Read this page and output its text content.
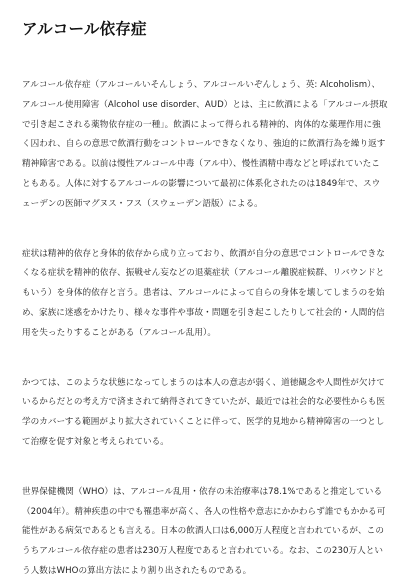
アルコール依存症

アルコール依存症（アルコールいそんしょう、アルコールいぞんしょう、英: Alcoholism）、アルコール使用障害（Alcohol use disorder、AUD）とは、主に飲酒による「アルコール摂取で引き起こされる薬物依存症の一種」。飲酒によって得られる精神的、肉体的な薬理作用に強く囚われ、自らの意思で飲酒行動をコントロールできなくなり、強迫的に飲酒行為を繰り返す精神障害である。以前は慢性アルコール中毒（アル中）、慢性酒精中毒などと呼ばれていたこともある。人体に対するアルコールの影響について最初に体系化されたのは1849年で、スウェーデンの医師マグヌス・フス（スウェーデン語版）による。

症状は精神的依存と身体的依存から成り立っており、飲酒が自分の意思でコントロールできなくなる症状を精神的依存、振戦せん妄などの退薬症状（アルコール離脱症候群、リバウンドともいう）を身体的依存と言う。患者は、アルコールによって自らの身体を壊してしまうのを始め、家族に迷惑をかけたり、様々な事件や事故・問題を引き起こしたりして社会的・人間的信用を失ったりすることがある（アルコール乱用）。

かつては、このような状態になってしまうのは本人の意志が弱く、道徳観念や人間性が欠けているからだとの考え方で済まされて納得されてきていたが、最近では社会的な必要性からも医学のカバーする範囲がより拡大されていくことに伴って、医学的見地から精神障害の一つとして治療を促す対象と考えられている。

世界保健機関（WHO）は、アルコール乱用・依存の未治療率は78.1%であると推定している（2004年）。精神疾患の中でも罹患率が高く、各人の性格や意志にかかわらず誰でもかかる可能性がある病気であるとも言える。日本の飲酒人口は6,000万人程度と言われているが、このうちアルコール依存症の患者は230万人程度であると言われている。なお、この230万人という人数はWHOの算出方法により割り出されたものである。
